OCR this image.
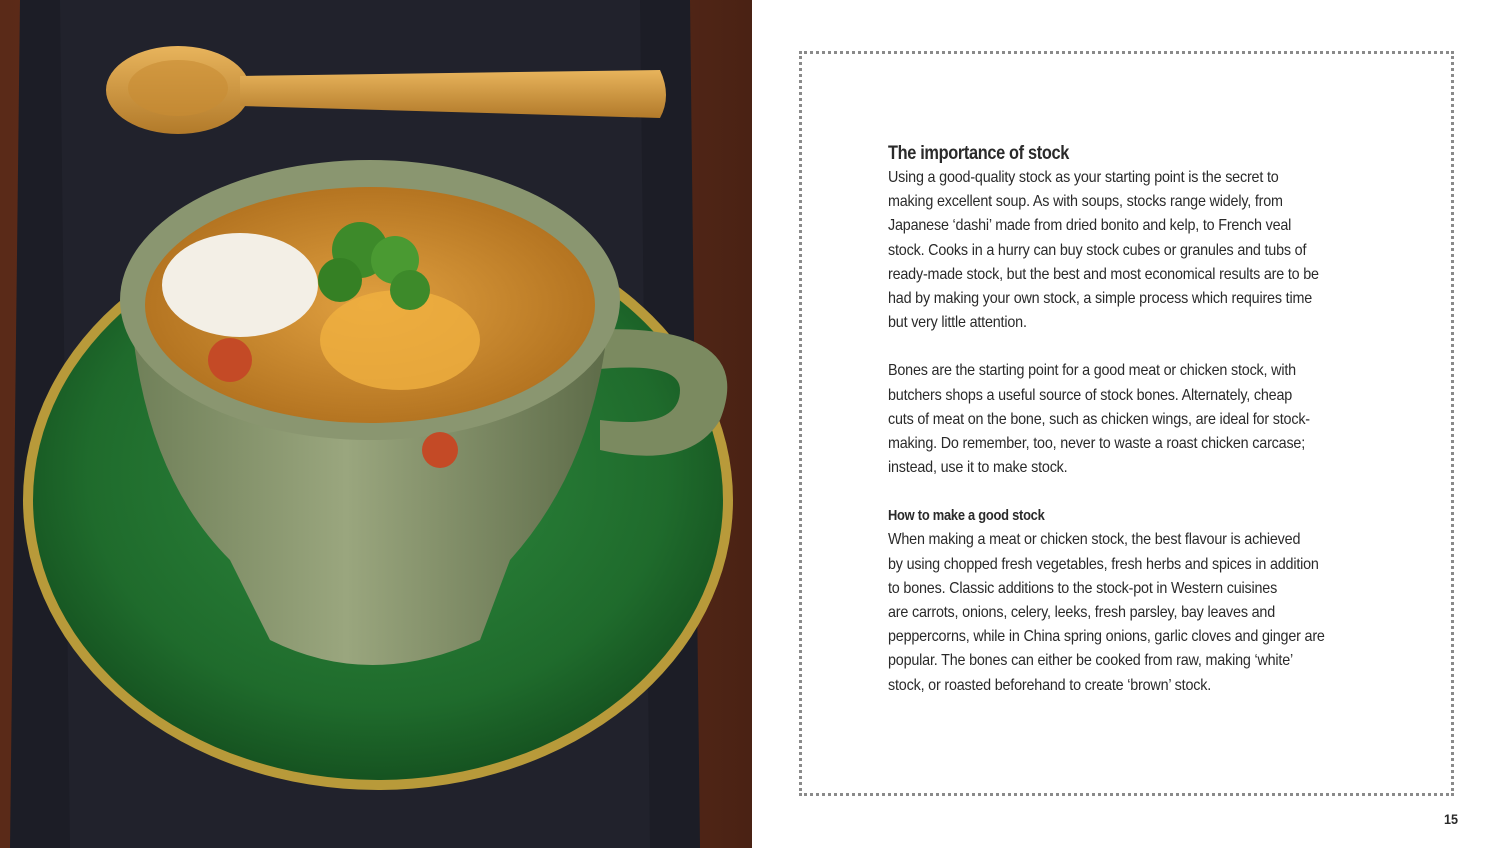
The importance of stock

Using a good-quality stock as your starting point is the secret to
making excellent soup. As with soups, stocks range widely, from
Japanese ‘dashi’ made from dried bonito and kelp, to French veal
stock. Cooks in a hurry can buy stock cubes or granules and tubs of
ready-made stock, but the best and most economical results are to be
had by making your own stock, a simple process which requires time
but very little attention.

Bones are the starting point for a good meat or chicken stock, with
butchers shops a useful source of stock bones. Alternately, cheap
cuts of meat on the bone, such as chicken wings, are ideal for stock-
making. Do remember, too, never to waste a roast chicken carcase;
instead, use it to make stock.

How to make a good stock

When making a meat or chicken stock, the best flavour is achieved
by using chopped fresh vegetables, fresh herbs and spices in addition
to bones. Classic additions to the stock-pot in Western cuisines
are carrots, onions, celery, leeks, fresh parsley, bay leaves and
peppercorns, while in China spring onions, garlic cloves and ginger are
popular. The bones can either be cooked from raw, making ‘white’
stock, or roasted beforehand to create ‘brown’ stock.

15
